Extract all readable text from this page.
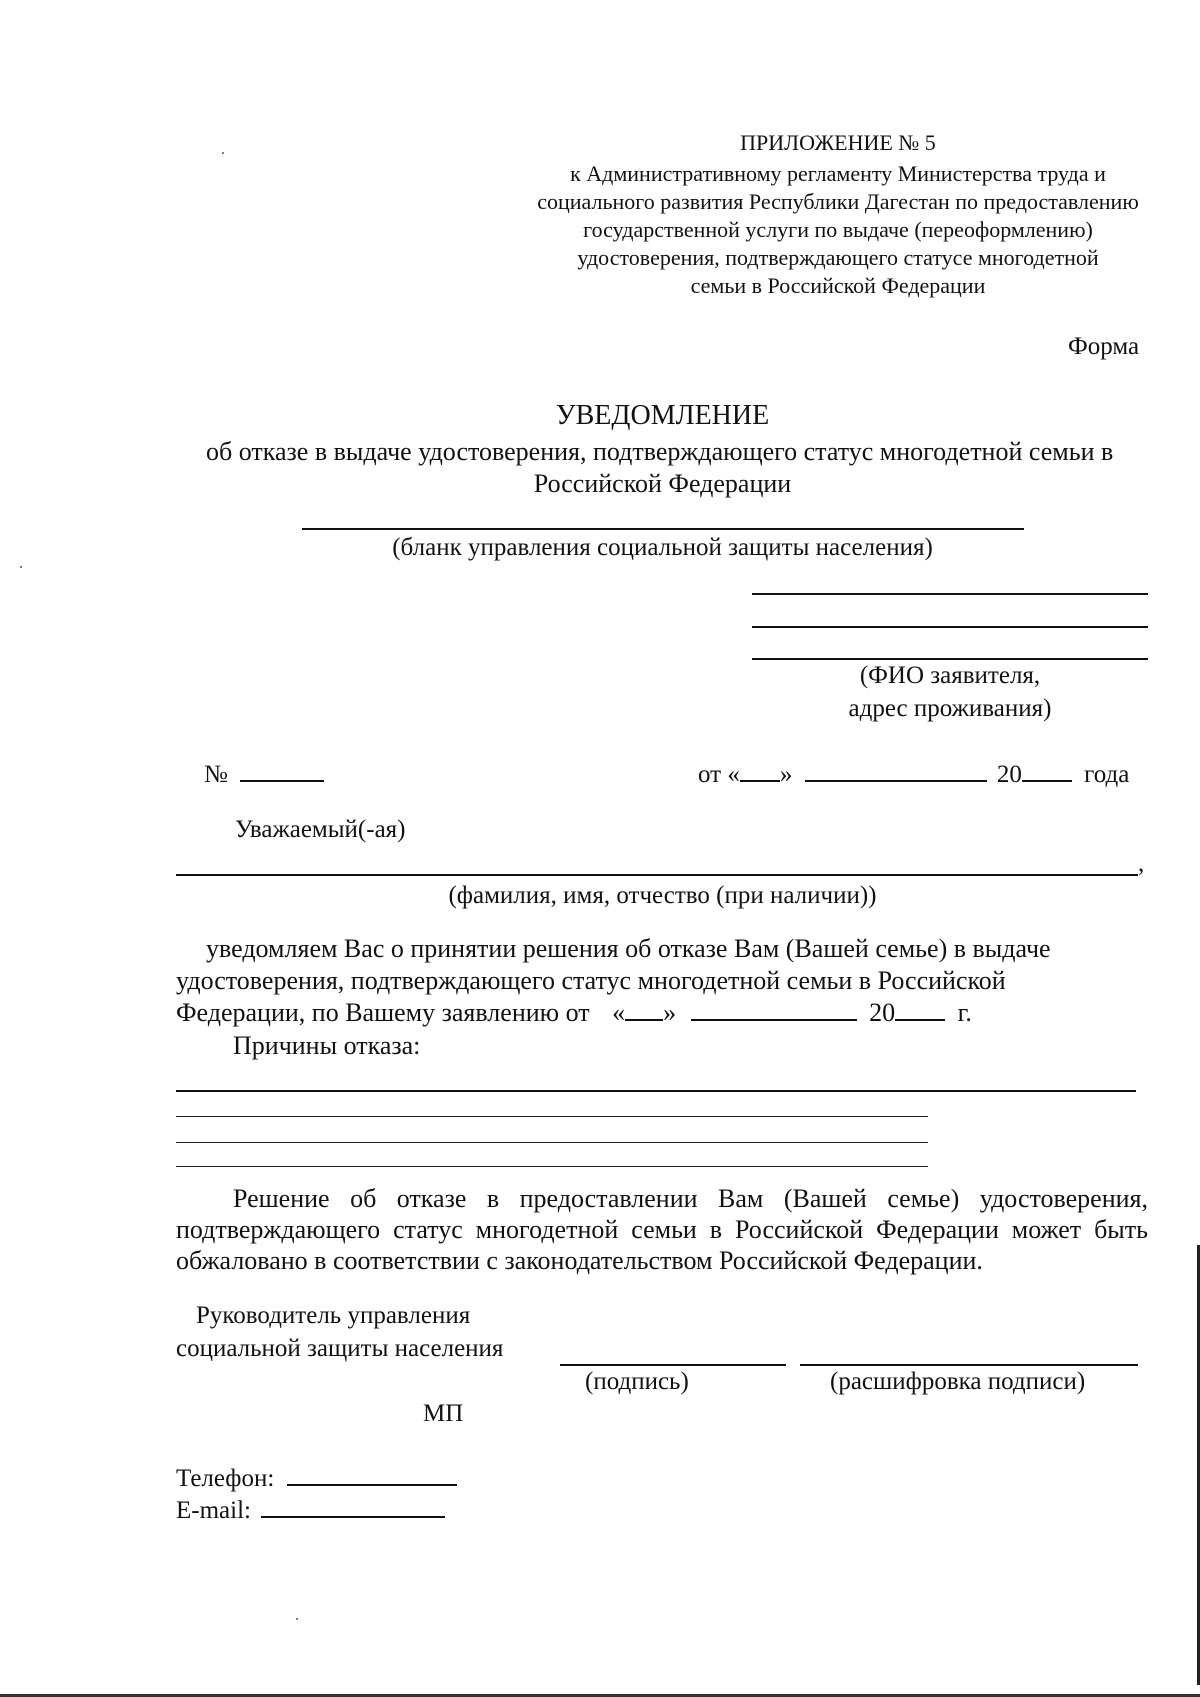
ПРИЛОЖЕНИЕ № 5
к Административному регламенту Министерства труда и
социального развития Республики Дагестан по предоставлению
государственной услуги по выдаче (переоформлению)
удостоверения, подтверждающего статусе многодетной
семьи в Российской Федерации
Форма
УВЕДОМЛЕНИЕ
об отказе в выдаче удостоверения, подтверждающего статус многодетной семьи в
Российской Федерации
(бланк управления социальной защиты населения)
(ФИО заявителя,
адрес проживания)
№	от « »	20 года
Уважаемый(-ая)
,
(фамилия, имя, отчество (при наличии))
уведомляем Вас о принятии решения об отказе Вам (Вашей семье) в выдаче
удостоверения, подтверждающего статус многодетной семьи в Российской
Федерации, по Вашему заявлению от « »	20 г.
Причины отказа:
Решение об отказе в предоставлении Вам (Вашей семье) удостоверения, подтверждающего статус многодетной семьи в Российской Федерации может быть обжаловано в соответствии с законодательством Российской Федерации.
Руководитель управления
социальной защиты населения
(подпись)	(расшифровка подписи)
МП
Телефон:
E-mail:
